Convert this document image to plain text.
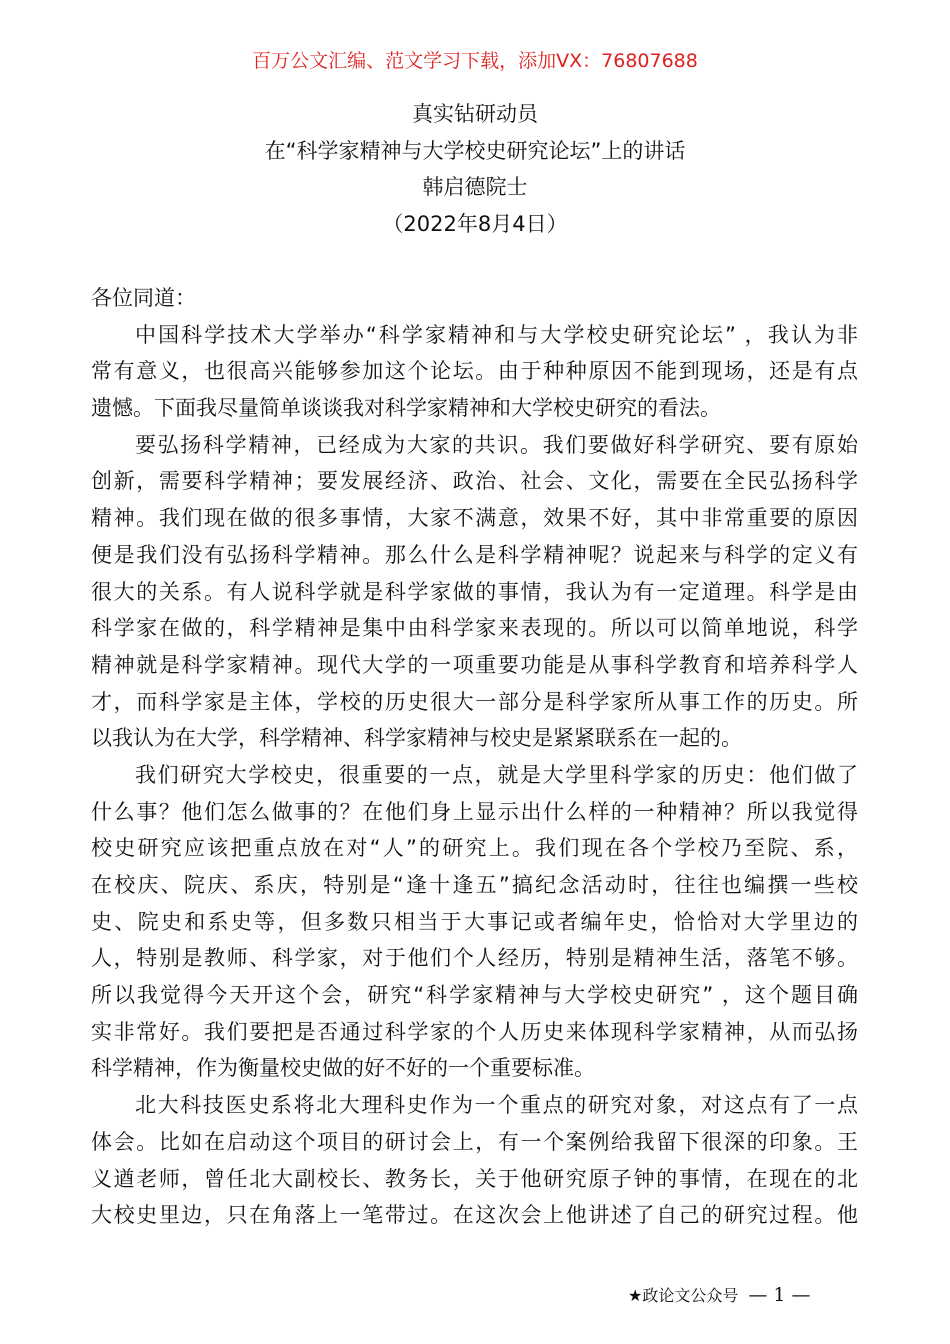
百万公文汇编、范文学习下载，添加VX：76807688
真实钻研动员
在“科学家精神与大学校史研究论坛”上的讲话
韩启德院士
（2022年8月4日）
各位同道：
中国科学技术大学举办“科学家精神和与大学校史研究论坛” ，我认为非
常有意义，也很高兴能够参加这个论坛。由于种种原因不能到现场，还是有点
遗憾。下面我尽量简单谈谈我对科学家精神和大学校史研究的看法。
要弘扬科学精神，已经成为大家的共识。我们要做好科学研究、要有原始
创新，需要科学精神；要发展经济、政治、社会、文化，需要在全民弘扬科学
精神。我们现在做的很多事情，大家不满意，效果不好，其中非常重要的原因
便是我们没有弘扬科学精神。那么什么是科学精神呢？说起来与科学的定义有
很大的关系。有人说科学就是科学家做的事情，我认为有一定道理。科学是由
科学家在做的，科学精神是集中由科学家来表现的。所以可以简单地说，科学
精神就是科学家精神。现代大学的一项重要功能是从事科学教育和培养科学人
才，而科学家是主体，学校的历史很大一部分是科学家所从事工作的历史。所
以我认为在大学，科学精神、科学家精神与校史是紧紧联系在一起的。
我们研究大学校史，很重要的一点，就是大学里科学家的历史：他们做了
什么事？他们怎么做事的？在他们身上显示出什么样的一种精神？所以我觉得
校史研究应该把重点放在对“人”的研究上。我们现在各个学校乃至院、系，
在校庆、院庆、系庆，特别是“逢十逢五”搞纪念活动时，往往也编撰一些校
史、院史和系史等，但多数只相当于大事记或者编年史，恰恰对大学里边的
人，特别是教师、科学家，对于他们个人经历，特别是精神生活，落笔不够。
所以我觉得今天开这个会，研究“科学家精神与大学校史研究” ，这个题目确
实非常好。我们要把是否通过科学家的个人历史来体现科学家精神，从而弘扬
科学精神，作为衡量校史做的好不好的一个重要标准。
北大科技医史系将北大理科史作为一个重点的研究对象，对这点有了一点
体会。比如在启动这个项目的研讨会上，有一个案例给我留下很深的印象。王
义遒老师，曾任北大副校长、教务长，关于他研究原子钟的事情，在现在的北
大校史里边，只在角落上一笔带过。在这次会上他讲述了自己的研究过程。他
★政论文公众号 — 1 —
